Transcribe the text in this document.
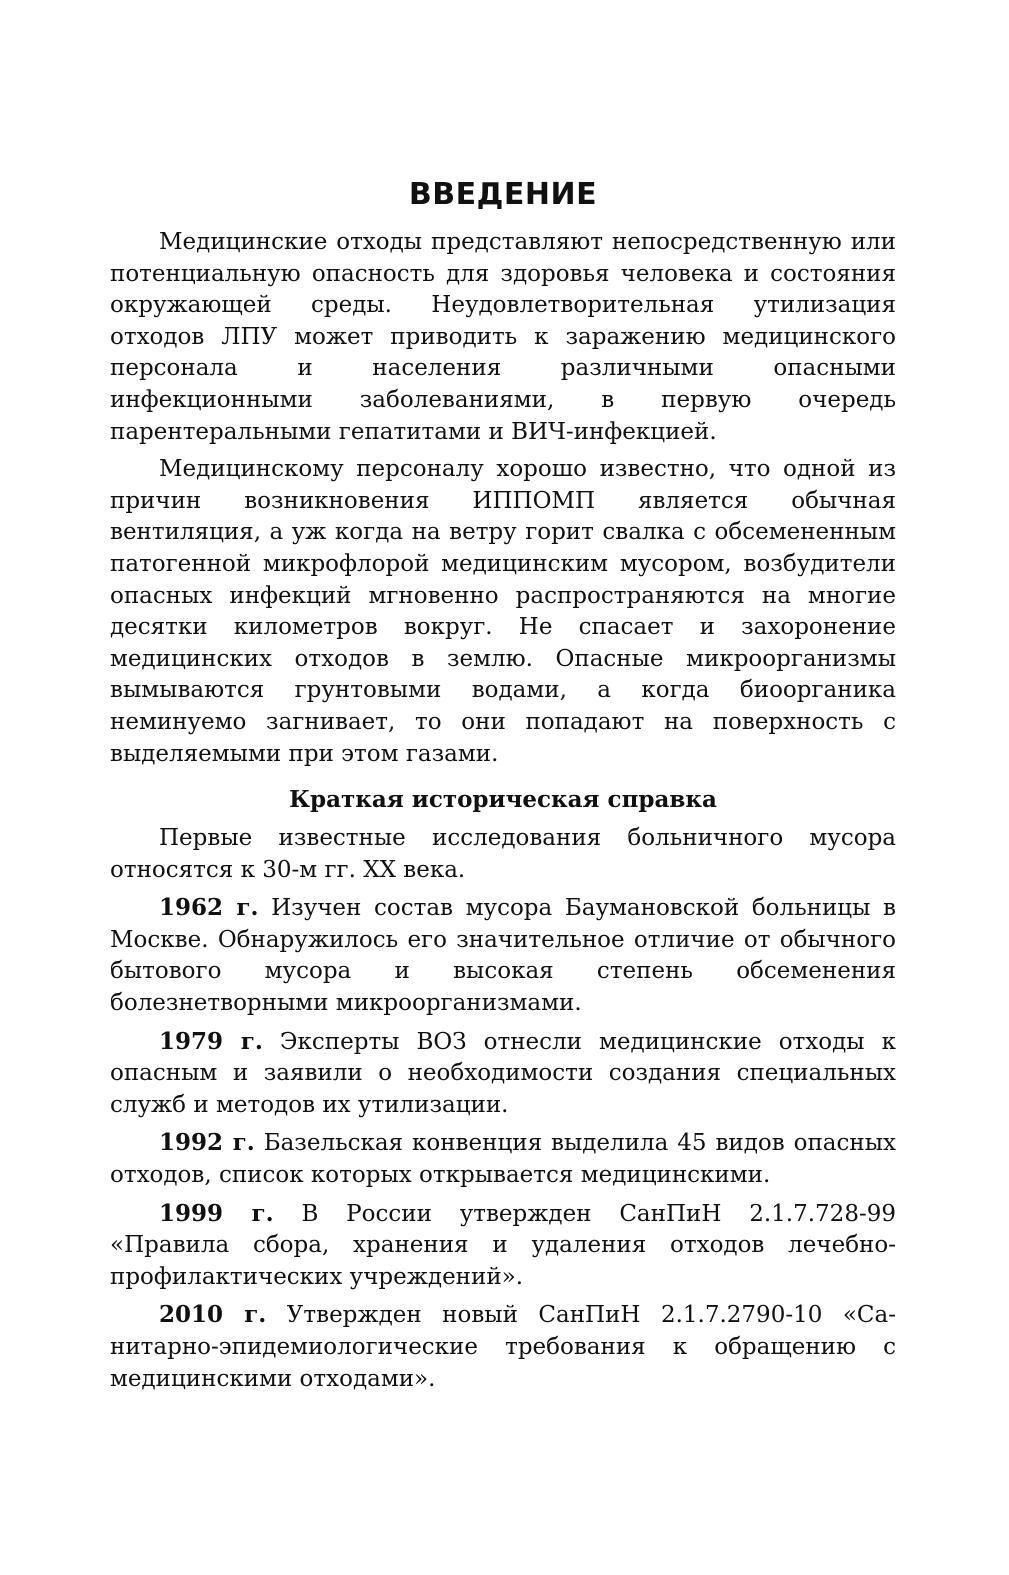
ВВЕДЕНИЕ

Медицинские отходы представляют непосредственную или потенциальную опасность для здоровья человека и состояния окружающей среды. Неудовлетворительная утилизация отходов ЛПУ может приводить к заражению медицинского персонала и населения различными опасными инфекционными заболеваниями, в первую очередь парентеральными гепатитами и ВИЧ-инфекцией.

Медицинскому персоналу хорошо известно, что одной из причин возникновения ИППОМП является обычная вентиляция, а уж когда на ветру горит свалка с обсемененным патогенной микрофлорой медицинским мусором, возбудители опасных инфекций мгновенно распространяются на многие десятки километров вокруг. Не спасает и захоронение медицинских отходов в землю. Опасные микроорганизмы вымываются грунтовыми водами, а когда биоорганика неминуемо загнивает, то они попадают на поверхность с выделяемыми при этом газами.

Краткая историческая справка

Первые известные исследования больничного мусора относятся к 30-м гг. XX века.

1962 г. Изучен состав мусора Баумановской больницы в Москве. Обнаружилось его значительное отличие от обычного бытового мусора и высокая степень обсеменения болезнетворными микроорганизмами.

1979 г. Эксперты ВОЗ отнесли медицинские отходы к опасным и заявили о необходимости создания специальных служб и методов их утилизации.

1992 г. Базельская конвенция выделила 45 видов опасных отходов, список которых открывается медицинскими.

1999 г. В России утвержден СанПиН 2.1.7.728-99 «Правила сбора, хранения и удаления отходов лечебно-профилактических учреждений».

2010 г. Утвержден новый СанПиН 2.1.7.2790-10 «Санитарно-эпидемиологические требования к обращению с медицинскими отходами».
